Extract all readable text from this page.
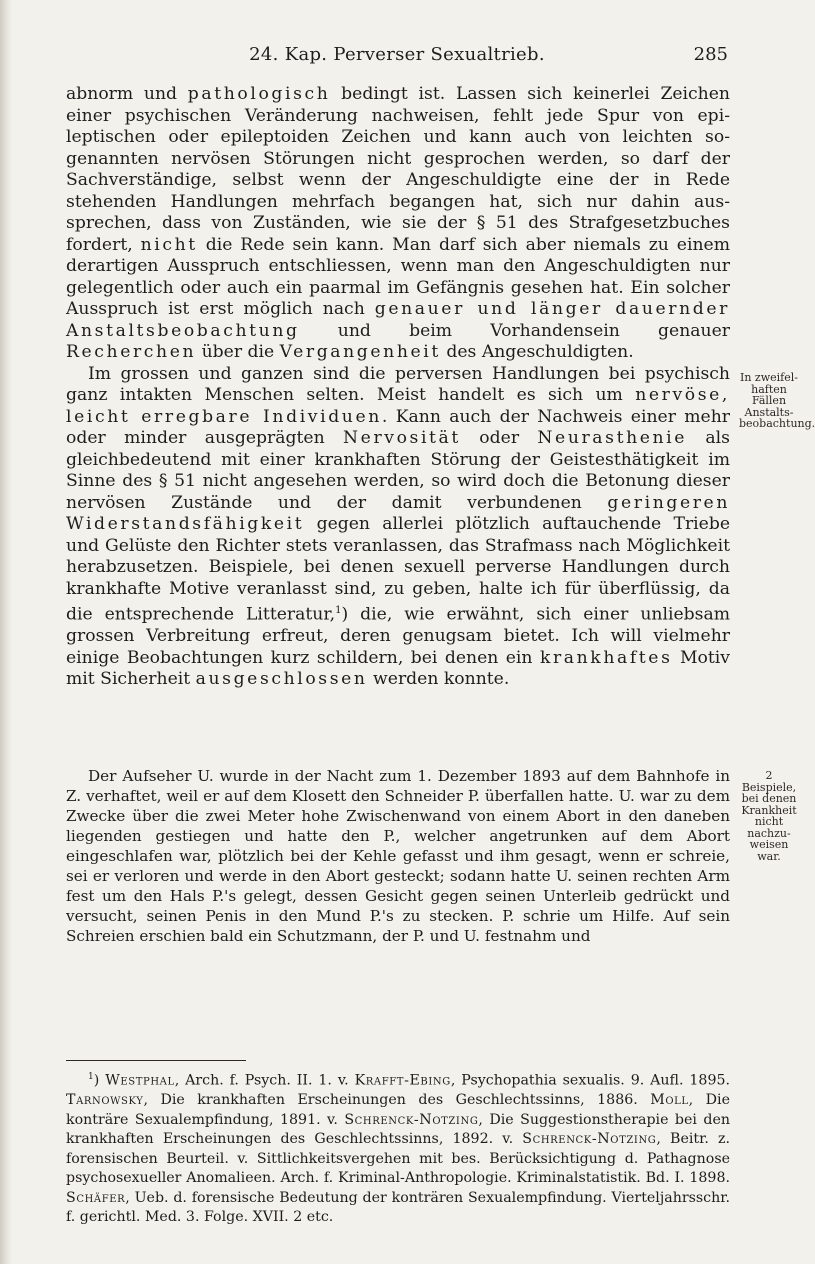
24. Kap. Perverser Sexualtrieb.	285

abnorm und pathologisch bedingt ist. Lassen sich keinerlei Zeichen einer psychischen Veränderung nachweisen, fehlt jede Spur von epileptischen oder epileptoiden Zeichen und kann auch von leichten sogenannten nervösen Störungen nicht gesprochen werden, so darf der Sachverständige, selbst wenn der Angeschuldigte eine der in Rede stehenden Handlungen mehrfach begangen hat, sich nur dahin aussprechen, dass von Zuständen, wie sie der § 51 des Strafgesetzbuches fordert, nicht die Rede sein kann. Man darf sich aber niemals zu einem derartigen Ausspruch entschliessen, wenn man den Angeschuldigten nur gelegentlich oder auch ein paarmal im Gefängnis gesehen hat. Ein solcher Ausspruch ist erst möglich nach genauer und länger dauernder Anstaltsbeobachtung und beim Vorhandensein genauer Recherchen über die Vergangenheit des Angeschuldigten.

Im grossen und ganzen sind die perversen Handlungen bei psychisch ganz intakten Menschen selten. Meist handelt es sich um nervöse, leicht erregbare Individuen. Kann auch der Nachweis einer mehr oder minder ausgeprägten Nervosität oder Neurasthenie als gleichbedeutend mit einer krankhaften Störung der Geistesthätigkeit im Sinne des § 51 nicht angesehen werden, so wird doch die Betonung dieser nervösen Zustände und der damit verbundenen geringeren Widerstandsfähigkeit gegen allerlei plötzlich auftauchende Triebe und Gelüste den Richter stets veranlassen, das Strafmass nach Möglichkeit herabzusetzen. Beispiele, bei denen sexuell perverse Handlungen durch krankhafte Motive veranlasst sind, zu geben, halte ich für überflüssig, da die entsprechende Litteratur,$^1$) die, wie erwähnt, sich einer unliebsam grossen Verbreitung erfreut, deren genugsam bietet. Ich will vielmehr einige Beobachtungen kurz schildern, bei denen ein krankhaftes Motiv mit Sicherheit ausgeschlossen werden konnte.

In zweifelhaften Fällen Anstaltsbeobachtung.
2 Beispiele, bei denen Krankheit nicht nachzuweisen war.

Der Aufseher U. wurde in der Nacht zum 1. Dezember 1893 auf dem Bahnhofe in Z. verhaftet, weil er auf dem Klosett den Schneider P. überfallen hatte. U. war zu dem Zwecke über die zwei Meter hohe Zwischenwand von einem Abort in den daneben liegenden gestiegen und hatte den P., welcher angetrunken auf dem Abort eingeschlafen war, plötzlich bei der Kehle gefasst und ihm gesagt, wenn er schreie, sei er verloren und werde in den Abort gesteckt; sodann hatte U. seinen rechten Arm fest um den Hals P.'s gelegt, dessen Gesicht gegen seinen Unterleib gedrückt und versucht, seinen Penis in den Mund P.'s zu stecken. P. schrie um Hilfe. Auf sein Schreien erschien bald ein Schutzmann, der P. und U. festnahm und

$^1$) Westphal, Arch. f. Psych. II. 1. v. Krafft-Ebing, Psychopathia sexualis. 9. Aufl. 1895. Tarnowsky, Die krankhaften Erscheinungen des Geschlechtssinns, 1886. Moll, Die konträre Sexualempfindung, 1891. v. Schrenck-Notzing, Die Suggestionstherapie bei den krankhaften Erscheinungen des Geschlechtssinns, 1892. v. Schrenck-Notzing, Beitr. z. forensischen Beurteil. v. Sittlichkeitsvergehen mit bes. Berücksichtigung d. Pathagnose psychosexueller Anomalieen. Arch. f. Kriminal-Anthropologie. Kriminalstatistik. Bd. I. 1898. Schäfer, Ueb. d. forensische Bedeutung der konträren Sexualempfindung. Vierteljahrsschr. f. gerichtl. Med. 3. Folge. XVII. 2 etc.
